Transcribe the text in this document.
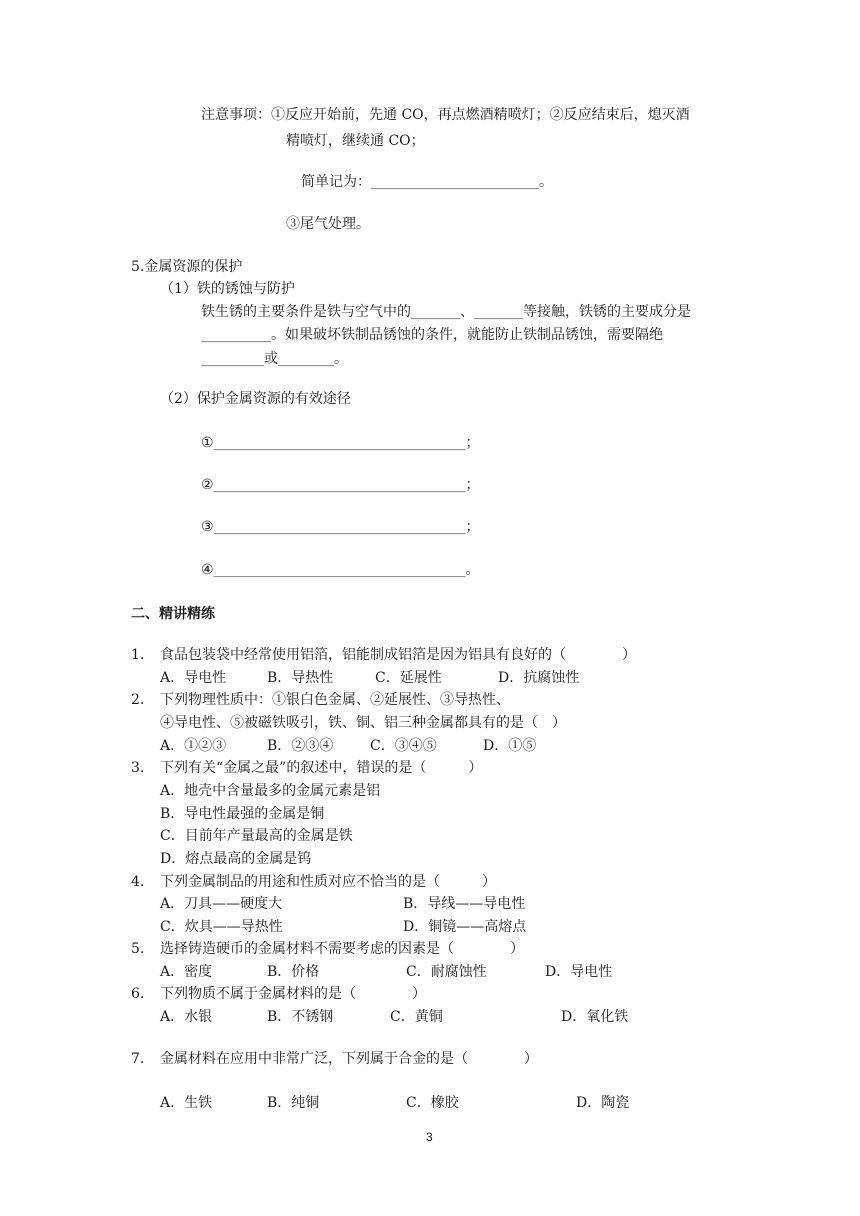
注意事项：①反应开始前，先通 CO，再点燃酒精喷灯；②反应结束后，熄灭酒
精喷灯，继续通 CO；
简单记为：________________________。
③尾气处理。
5.金属资源的保护
（1）铁的锈蚀与防护
铁生锈的主要条件是铁与空气中的_______、_______等接触，铁锈的主要成分是
__________。如果破坏铁制品锈蚀的条件，就能防止铁制品锈蚀，需要隔绝
_________或________。
（2）保护金属资源的有效途径
①____________________________________；
②____________________________________；
③____________________________________；
④____________________________________。
二、精讲精练
1. 食品包装袋中经常使用铝箔，铝能制成铝箔是因为铝具有良好的（　　　　）
A．导电性	B．导热性	C．延展性	D．抗腐蚀性
2. 下列物理性质中：①银白色金属、②延展性、③导热性、
④导电性、⑤被磁铁吸引，铁、铜、铝三种金属都具有的是（　）
A．①②③	B．②③④	C．③④⑤	D．①⑤
3. 下列有关“金属之最”的叙述中，错误的是（　　　）
A．地壳中含量最多的金属元素是铝
B．导电性最强的金属是铜
C．目前年产量最高的金属是铁
D．熔点最高的金属是钨
4. 下列金属制品的用途和性质对应不恰当的是（　　　）
A．刀具——硬度大	B．导线——导电性
C．炊具——导热性	D．铜镜——高熔点
5. 选择铸造硬币的金属材料不需要考虑的因素是（　　　　）
A．密度	B．价格	C．耐腐蚀性	D．导电性
6. 下列物质不属于金属材料的是（　　　　）
A．水银	B．不锈钢	C．黄铜	D．氧化铁
7. 金属材料在应用中非常广泛，下列属于合金的是（　　　　）
A．生铁	B．纯铜	C．橡胶	D．陶瓷
3
